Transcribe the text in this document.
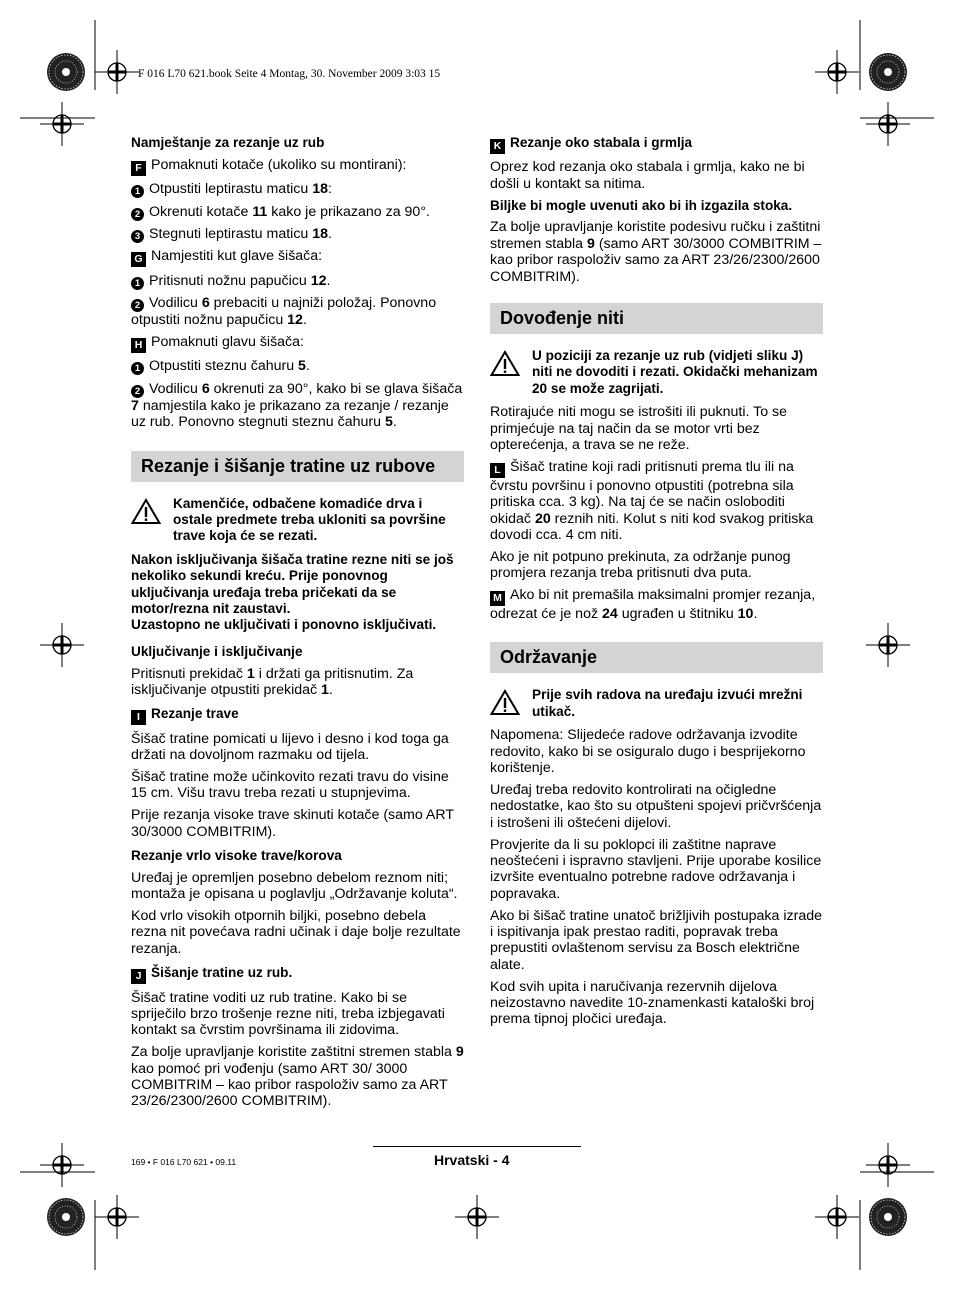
F 016 L70 621.book Seite 4 Montag, 30. November 2009 3:03 15

Namještanje za rezanje uz rub

F Pomaknuti kotače (ukoliko su montirani):

1 Otpustiti leptirastu maticu 18:

2 Okrenuti kotače 11 kako je prikazano za 90°.

3 Stegnuti leptirastu maticu 18.

G Namjestiti kut glave šišača:

1 Pritisnuti nožnu papučicu 12.

2 Vodilicu 6 prebaciti u najniži položaj. Ponovno otpustiti nožnu papučicu 12.

H Pomaknuti glavu šišača:

1 Otpustiti steznu čahuru 5.

2 Vodilicu 6 okrenuti za 90°, kako bi se glava šišača 7 namjestila kako je prikazano za rezanje / rezanje uz rub. Ponovno stegnuti steznu čahuru 5.

Rezanje i šišanje tratine uz rubove
Kamenčiće, odbačene komadiće drva i ostale predmete treba ukloniti sa površine trave koja će se rezati.

Nakon isključivanja šišača tratine rezne niti se još nekoliko sekundi kreću. Prije ponovnog uključivanja uređaja treba pričekati da se motor/rezna nit zaustavi.

Uzastopno ne uključivati i ponovno isključivati.

Uključivanje i isključivanje

Pritisnuti prekidač 1 i držati ga pritisnutim. Za isključivanje otpustiti prekidač 1.

I Rezanje trave

Šišač tratine pomicati u lijevo i desno i kod toga ga držati na dovoljnom razmaku od tijela.

Šišač tratine može učinkovito rezati travu do visine 15 cm. Višu travu treba rezati u stupnjevima.

Prije rezanja visoke trave skinuti kotače (samo ART 30/3000 COMBITRIM).

Rezanje vrlo visoke trave/korova

Uređaj je opremljen posebno debelom reznom niti; montaža je opisana u poglavlju „Održavanje koluta“.

Kod vrlo visokih otpornih biljki, posebno debela rezna nit povećava radni učinak i daje bolje rezultate rezanja.

J Šišanje tratine uz rub.

Šišač tratine voditi uz rub tratine. Kako bi se spriječilo brzo trošenje rezne niti, treba izbjegavati kontakt sa čvrstim površinama ili zidovima.

Za bolje upravljanje koristite zaštitni stremen stabla 9 kao pomoć pri vođenju (samo ART 30/ 3000 COMBITRIM – kao pribor raspoloživ samo za ART 23/26/2300/2600 COMBITRIM).

K Rezanje oko stabala i grmlja

Oprez kod rezanja oko stabala i grmlja, kako ne bi došli u kontakt sa nitima.

Biljke bi mogle uvenuti ako bi ih izgazila stoka.

Za bolje upravljanje koristite podesivu ručku i zaštitni stremen stabla 9 (samo ART 30/3000 COMBITRIM – kao pribor raspoloživ samo za ART 23/26/2300/2600 COMBITRIM).

Dovođenje niti
U poziciji za rezanje uz rub (vidjeti sliku J) niti ne dovoditi i rezati. Okidački mehanizam 20 se može zagrijati.

Rotirajuće niti mogu se istrošiti ili puknuti. To se primjećuje na taj način da se motor vrti bez opterećenja, a trava se ne reže.

L Šišač tratine koji radi pritisnuti prema tlu ili na čvrstu površinu i ponovno otpustiti (potrebna sila pritiska cca. 3 kg). Na taj će se način osloboditi okidač 20 reznih niti. Kolut s niti kod svakog pritiska dovodi cca. 4 cm niti.

Ako je nit potpuno prekinuta, za održanje punog promjera rezanja treba pritisnuti dva puta.

M Ako bi nit premašila maksimalni promjer rezanja, odrezat će je nož 24 ugrađen u štitniku 10.

Održavanje
Prije svih radova na uređaju izvući mrežni utikač.

Napomena: Slijedeće radove održavanja izvodite redovito, kako bi se osiguralo dugo i besprijekorno korištenje.

Uređaj treba redovito kontrolirati na očigledne nedostatke, kao što su otpušteni spojevi pričvršćenja i istrošeni ili oštećeni dijelovi.

Provjerite da li su poklopci ili zaštitne naprave neoštećeni i ispravno stavljeni. Prije uporabe kosilice izvršite eventualno potrebne radove održavanja i popravaka.

Ako bi šišač tratine unatoč brižljivih postupaka izrade i ispitivanja ipak prestao raditi, popravak treba prepustiti ovlaštenom servisu za Bosch električne alate.

Kod svih upita i naručivanja rezervnih dijelova neizostavno navedite 10-znamenkasti kataloški broj prema tipnoj pločici uređaja.

169 • F 016 L70 621 • 09.11	Hrvatski - 4
